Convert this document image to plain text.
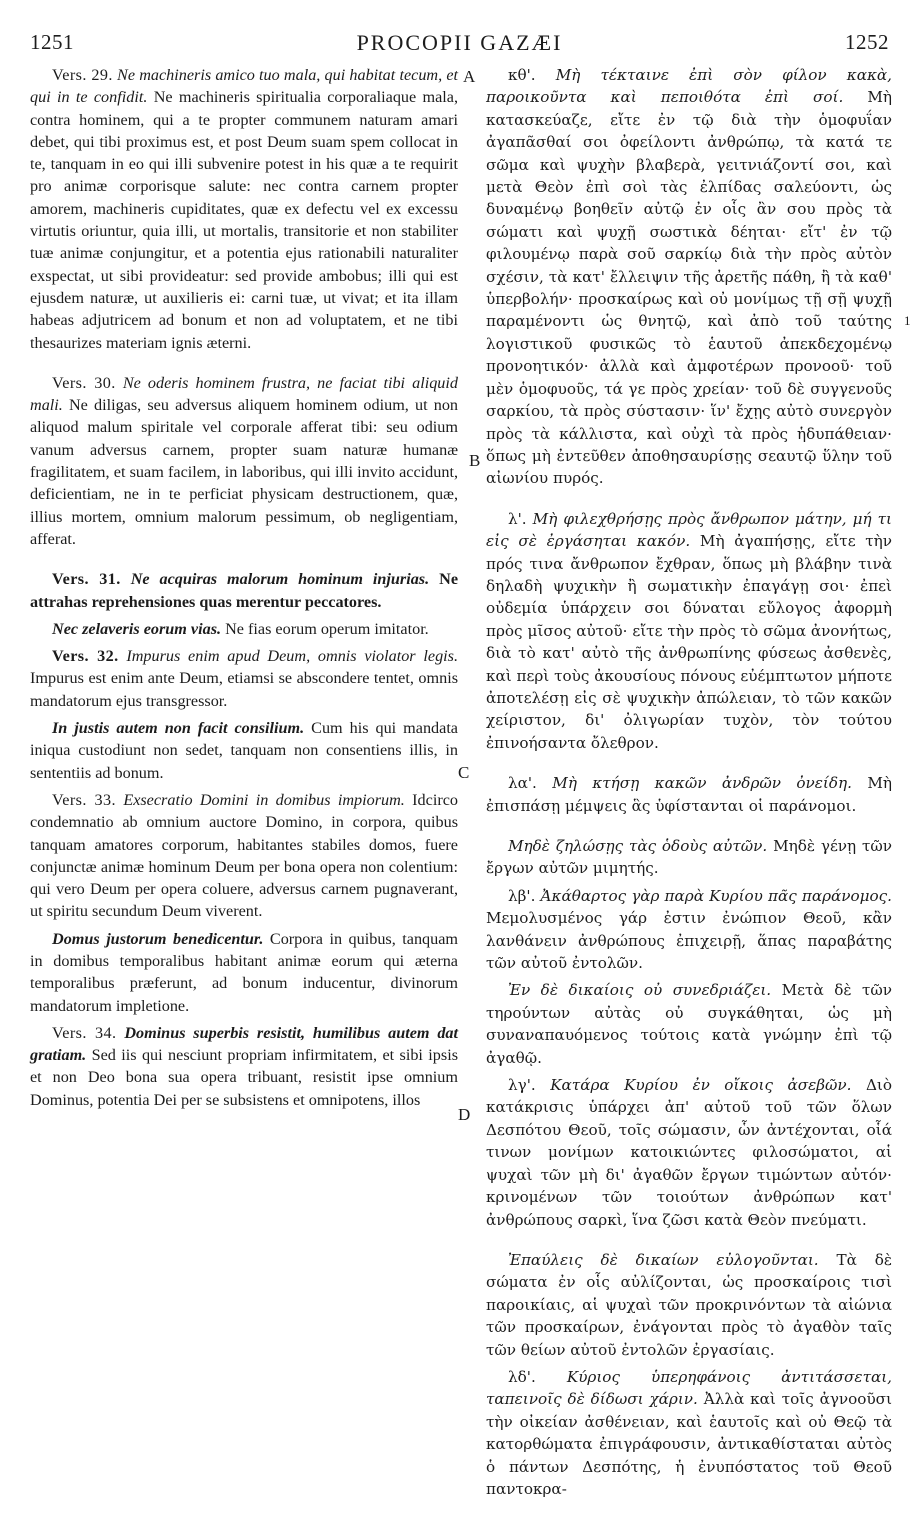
1251	PROCOPII GAZÆI	1252

Vers. 29. Ne machineris amico tuo mala, qui habitat tecum, et qui in te confidit. Ne machineris spiritualia corporaliaque mala, contra hominem, qui a te propter communem naturam amari debet, qui tibi proximus est, et post Deum suam spem collocat in te, tanquam in eo qui illi subvenire potest in his quæ a te requirit pro animæ corporisque salute: nec contra carnem propter amorem, machineris cupiditates, quæ ex defectu vel ex excessu virtutis oriuntur, quia illi, ut mortalis, transitorie et non stabiliter tuæ animæ conjungitur, et a potentia ejus rationabili naturaliter exspectat, ut sibi provideatur: sed provide ambobus; illi qui est ejusdem naturæ, ut auxilieris ei: carni tuæ, ut vivat; et ita illam habeas adjutricem ad bonum et non ad voluptatem, et ne tibi thesaurizes materiam ignis æterni.

Vers. 30. Ne oderis hominem frustra, ne faciat tibi aliquid mali. Ne diligas, seu adversus aliquem hominem odium, ut non aliquod malum spiritale vel corporale afferat tibi: seu odium vanum adversus carnem, propter suam naturæ humanæ fragilitatem, et suam facilem, in laboribus, qui illi invito accidunt, deficientiam, ne in te perficiat physicam destructionem, quæ, illius mortem, omnium malorum pessimum, ob negligentiam, afferat.

Vers. 31. Ne acquiras malorum hominum injurias. Ne attrahas reprehensiones quas merentur peccatores.

Nec zelaveris eorum vias. Ne fias eorum operum imitator.

Vers. 32. Impurus enim apud Deum, omnis violator legis. Impurus est enim ante Deum, etiamsi se abscondere tentet, omnis mandatorum ejus transgressor.

In justis autem non facit consilium. Cum his qui mandata iniqua custodiunt non sedet, tanquam non consentiens illis, in sententiis ad bonum.

Vers. 33. Exsecratio Domini in domibus impiorum. Idcirco condemnatio ab omnium auctore Domino, in corpora, quibus tanquam amatores corporum, habitantes stabiles domos, fuere conjunctæ animæ hominum Deum per bona opera non colentium: qui vero Deum per opera coluere, adversus carnem pugnaverant, ut spiritu secundum Deum viverent.

Domus justorum benedicentur. Corpora in quibus, tanquam in domibus temporalibus habitant animæ eorum qui æterna temporalibus præferunt, ad bonum inducentur, divinorum mandatorum impletione.

Vers. 34. Dominus superbis resistit, humilibus autem dat gratiam. Sed iis qui nesciunt propriam infirmitatem, et sibi ipsis et non Deo bona sua opera tribuant, resistit ipse omnium Dominus, potentia Dei per se subsistens et omnipotens, illos

A
B
C
D
1

κθ'. Μὴ τέκταινε ἐπὶ σὸν φίλον κακὰ, παροικοῦντα καὶ πεποιθότα ἐπὶ σοί. Μὴ κατασκεύαζε, εἴτε ἐν τῷ διὰ τὴν ὁμοφυΐαν ἀγαπᾶσθαί σοι ὀφείλοντι ἀνθρώπῳ, τὰ κατά τε σῶμα καὶ ψυχὴν βλαβερὰ, γειτνιάζοντί σοι, καὶ μετὰ Θεὸν ἐπὶ σοὶ τὰς ἐλπίδας σαλεύοντι, ὡς δυναμένῳ βοηθεῖν αὐτῷ ἐν οἷς ἂν σου πρὸς τὰ σώματι καὶ ψυχῇ σωστικὰ δέηται· εἴτ' ἐν τῷ φιλουμένῳ παρὰ σοῦ σαρκίῳ διὰ τὴν πρὸς αὐτὸν σχέσιν, τὰ κατ' ἔλλειψιν τῆς ἀρετῆς πάθη, ἢ τὰ καθ' ὑπερβολήν· προσκαίρως καὶ οὐ μονίμως τῇ σῇ ψυχῇ παραμένοντι ὡς θνητῷ, καὶ ἀπὸ τοῦ ταύτης λογιστικοῦ φυσικῶς τὸ ἑαυτοῦ ἀπεκδεχομένῳ προνοητικόν· ἀλλὰ καὶ ἀμφοτέρων προνοοῦ· τοῦ μὲν ὁμοφυοῦς, τά γε πρὸς χρείαν· τοῦ δὲ συγγενοῦς σαρκίου, τὰ πρὸς σύστασιν· ἵν' ἔχῃς αὐτὸ συνεργὸν πρὸς τὰ κάλλιστα, καὶ οὐχὶ τὰ πρὸς ἡδυπάθειαν· ὅπως μὴ ἐντεῦθεν ἀποθησαυρίσῃς σεαυτῷ ὕλην τοῦ αἰωνίου πυρός.

λ'. Μὴ φιλεχθρήσῃς πρὸς ἄνθρωπον μάτην, μή τι εἰς σὲ ἐργάσηται κακόν. Μὴ ἀγαπήσῃς, εἴτε τὴν πρός τινα ἄνθρωπον ἔχθραν, ὅπως μὴ βλάβην τινὰ δηλαδὴ ψυχικὴν ἢ σωματικὴν ἐπαγάγῃ σοι· ἐπεὶ οὐδεμία ὑπάρχειν σοι δύναται εὔλογος ἀφορμὴ πρὸς μῖσος αὐτοῦ· εἴτε τὴν πρὸς τὸ σῶμα ἀνονήτως, διὰ τὸ κατ' αὐτὸ τῆς ἀνθρωπίνης φύσεως ἀσθενὲς, καὶ περὶ τοὺς ἀκουσίους πόνους εὐέμπτωτον μήποτε ἀποτελέσῃ εἰς σὲ ψυχικὴν ἀπώλειαν, τὸ τῶν κακῶν χείριστον, δι' ὀλιγωρίαν τυχὸν, τὸν τούτου ἐπινοήσαντα ὄλεθρον.

λα'. Μὴ κτήσῃ κακῶν ἀνδρῶν ὀνείδη. Μὴ ἐπισπάσῃ μέμψεις ἃς ὑφίστανται οἱ παράνομοι.

Μηδὲ ζηλώσῃς τὰς ὁδοὺς αὐτῶν. Μηδὲ γένῃ τῶν ἔργων αὐτῶν μιμητής.

λβ'. Ἀκάθαρτος γὰρ παρὰ Κυρίου πᾶς παράνομος. Μεμολυσμένος γάρ ἐστιν ἐνώπιον Θεοῦ, κἂν λανθάνειν ἀνθρώπους ἐπιχειρῇ, ἅπας παραβάτης τῶν αὐτοῦ ἐντολῶν.

Ἐν δὲ δικαίοις οὐ συνεδριάζει. Μετὰ δὲ τῶν τηρούντων αὐτὰς οὐ συγκάθηται, ὡς μὴ συναναπαυόμενος τούτοις κατὰ γνώμην ἐπὶ τῷ ἀγαθῷ.

λγ'. Κατάρα Κυρίου ἐν οἴκοις ἀσεβῶν. Διὸ κατάκρισις ὑπάρχει ἀπ' αὐτοῦ τοῦ τῶν ὅλων Δεσπότου Θεοῦ, τοῖς σώμασιν, ὧν ἀντέχονται, οἷά τινων μονίμων κατοικιώντες φιλοσώματοι, αἱ ψυχαὶ τῶν μὴ δι' ἀγαθῶν ἔργων τιμώντων αὐτόν· κρινομένων τῶν τοιούτων ἀνθρώπων κατ' ἀνθρώπους σαρκὶ, ἵνα ζῶσι κατὰ Θεὸν πνεύματι.

Ἐπαύλεις δὲ δικαίων εὐλογοῦνται. Τὰ δὲ σώματα ἐν οἷς αὐλίζονται, ὡς προσκαίροις τισὶ παροικίαις, αἱ ψυχαὶ τῶν προκρινόντων τὰ αἰώνια τῶν προσκαίρων, ἐνάγονται πρὸς τὸ ἀγαθὸν ταῖς τῶν θείων αὐτοῦ ἐντολῶν ἐργασίαις.

λδ'. Κύριος ὑπερηφάνοις ἀντιτάσσεται, ταπεινοῖς δὲ δίδωσι χάριν. Ἀλλὰ καὶ τοῖς ἀγνοοῦσι τὴν οἰκείαν ἀσθένειαν, καὶ ἑαυτοῖς καὶ οὐ Θεῷ τὰ κατορθώματα ἐπιγράφουσιν, ἀντικαθίσταται αὐτὸς ὁ πάντων Δεσπότης, ἡ ἐνυπόστατος τοῦ Θεοῦ παντοκρα-
